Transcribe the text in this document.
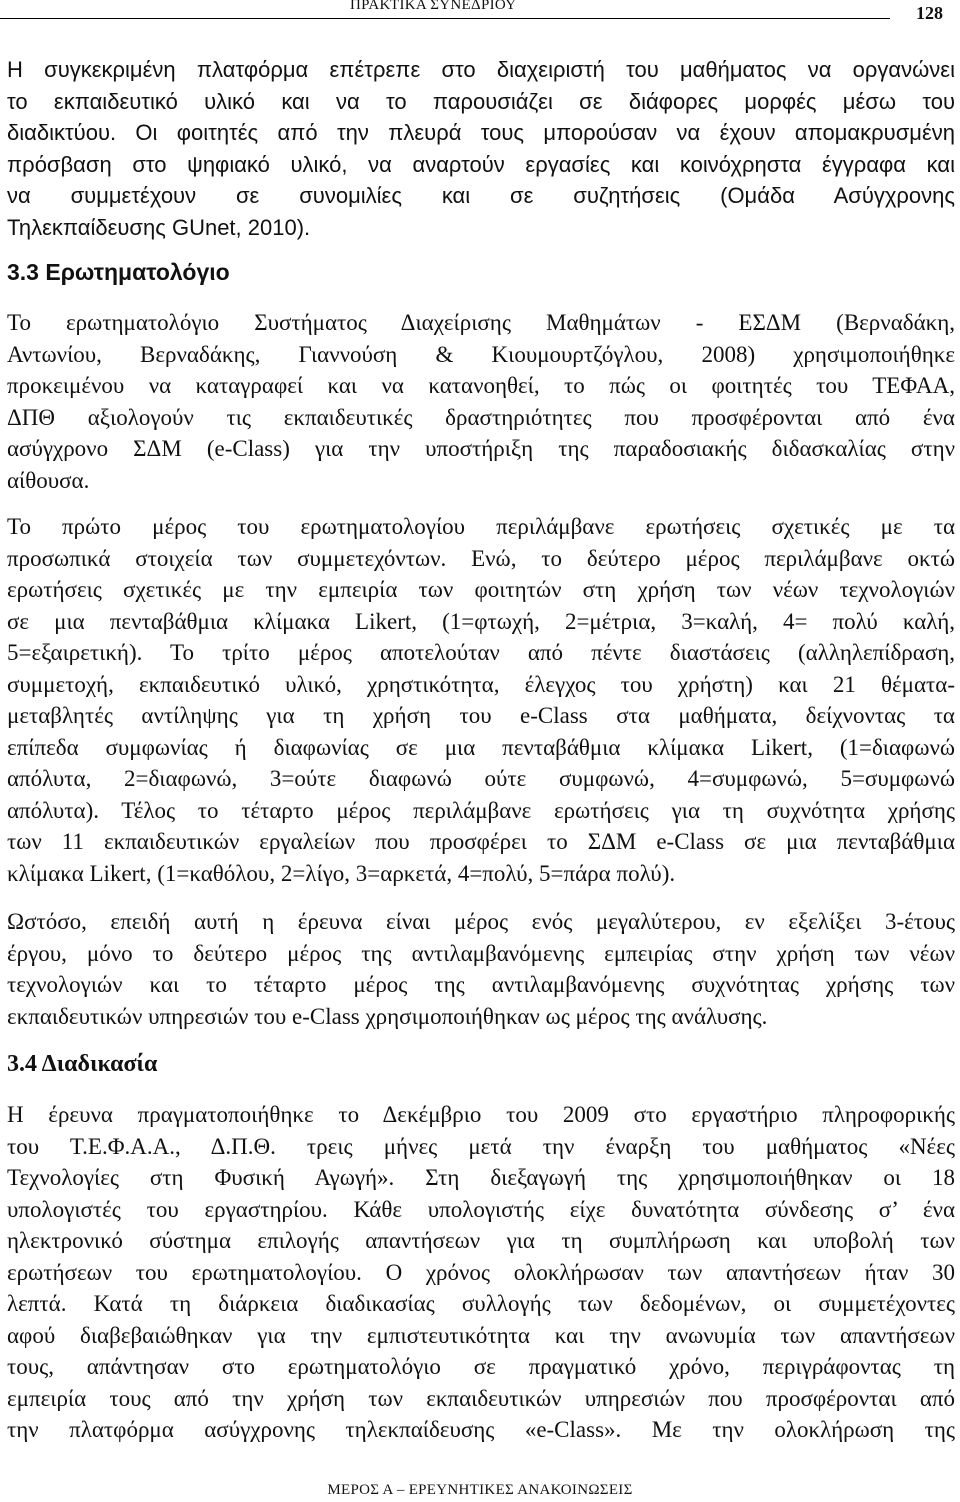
ΠΡΑΚΤΙΚΑ ΣΥΝΕΔΡΙΟΥ	128
Η συγκεκριμένη πλατφόρμα επέτρεπε στο διαχειριστή του μαθήματος να οργανώνει
το εκπαιδευτικό υλικό και να το παρουσιάζει σε διάφορες μορφές μέσω του
διαδικτύου. Οι φοιτητές από την πλευρά τους μπορούσαν να έχουν απομακρυσμένη
πρόσβαση στο ψηφιακό υλικό, να αναρτούν εργασίες και κοινόχρηστα έγγραφα και
να συμμετέχουν σε συνομιλίες και σε συζητήσεις (Ομάδα Ασύγχρονης
Τηλεκπαίδευσης GUnet, 2010).
3.3 Ερωτηματολόγιο
Το ερωτηματολόγιο Συστήματος Διαχείρισης Μαθημάτων - ΕΣΔΜ (Βερναδάκη,
Αντωνίου, Βερναδάκης, Γιαννούση & Κιουμουρτζόγλου, 2008) χρησιμοποιήθηκε
προκειμένου να καταγραφεί και να κατανοηθεί, το πώς οι φοιτητές του ΤΕΦΑΑ,
ΔΠΘ αξιολογούν τις εκπαιδευτικές δραστηριότητες που προσφέρονται από ένα
ασύγχρονο ΣΔΜ (e-Class) για την υποστήριξη της παραδοσιακής διδασκαλίας στην
αίθουσα.
Το πρώτο μέρος του ερωτηματολογίου περιλάμβανε ερωτήσεις σχετικές με τα
προσωπικά στοιχεία των συμμετεχόντων. Ενώ, το δεύτερο μέρος περιλάμβανε οκτώ
ερωτήσεις σχετικές με την εμπειρία των φοιτητών στη χρήση των νέων τεχνολογιών
σε μια πενταβάθμια κλίμακα Likert, (1=φτωχή, 2=μέτρια, 3=καλή, 4= πολύ καλή,
5=εξαιρετική). Το τρίτο μέρος αποτελούταν από πέντε διαστάσεις (αλληλεπίδραση,
συμμετοχή, εκπαιδευτικό υλικό, χρηστικότητα, έλεγχος του χρήστη) και 21 θέματα-
μεταβλητές αντίληψης για τη χρήση του e-Class στα μαθήματα, δείχνοντας τα
επίπεδα συμφωνίας ή διαφωνίας σε μια πενταβάθμια κλίμακα Likert, (1=διαφωνώ
απόλυτα, 2=διαφωνώ, 3=ούτε διαφωνώ ούτε συμφωνώ, 4=συμφωνώ, 5=συμφωνώ
απόλυτα). Τέλος το τέταρτο μέρος περιλάμβανε ερωτήσεις για τη συχνότητα χρήσης
των 11 εκπαιδευτικών εργαλείων που προσφέρει το ΣΔΜ e-Class σε μια πενταβάθμια
κλίμακα Likert, (1=καθόλου, 2=λίγο, 3=αρκετά, 4=πολύ, 5=πάρα πολύ).
Ωστόσο, επειδή αυτή η έρευνα είναι μέρος ενός μεγαλύτερου, εν εξελίξει 3-έτους
έργου, μόνο το δεύτερο μέρος της αντιλαμβανόμενης εμπειρίας στην χρήση των νέων
τεχνολογιών και το τέταρτο μέρος της αντιλαμβανόμενης συχνότητας χρήσης των
εκπαιδευτικών υπηρεσιών του e-Class χρησιμοποιήθηκαν ως μέρος της ανάλυσης.
3.4 Διαδικασία
Η έρευνα πραγματοποιήθηκε το Δεκέμβριο του 2009 στο εργαστήριο πληροφορικής
του Τ.Ε.Φ.Α.Α., Δ.Π.Θ. τρεις μήνες μετά την έναρξη του μαθήματος «Νέες
Τεχνολογίες στη Φυσική Αγωγή». Στη διεξαγωγή της χρησιμοποιήθηκαν οι 18
υπολογιστές του εργαστηρίου. Κάθε υπολογιστής είχε δυνατότητα σύνδεσης σ’ ένα
ηλεκτρονικό σύστημα επιλογής απαντήσεων για τη συμπλήρωση και υποβολή των
ερωτήσεων του ερωτηματολογίου. Ο χρόνος ολοκλήρωσαν των απαντήσεων ήταν 30
λεπτά. Κατά τη διάρκεια διαδικασίας συλλογής των δεδομένων, οι συμμετέχοντες
αφού διαβεβαιώθηκαν για την εμπιστευτικότητα και την ανωνυμία των απαντήσεων
τους, απάντησαν στο ερωτηματολόγιο σε πραγματικό χρόνο, περιγράφοντας τη
εμπειρία τους από την χρήση των εκπαιδευτικών υπηρεσιών που προσφέρονται από
την πλατφόρμα ασύγχρονης τηλεκπαίδευσης «e-Class». Με την ολοκλήρωση της
ΜΕΡΟΣ Α – ΕΡΕΥΝΗΤΙΚΕΣ ΑΝΑΚΟΙΝΩΣΕΙΣ
